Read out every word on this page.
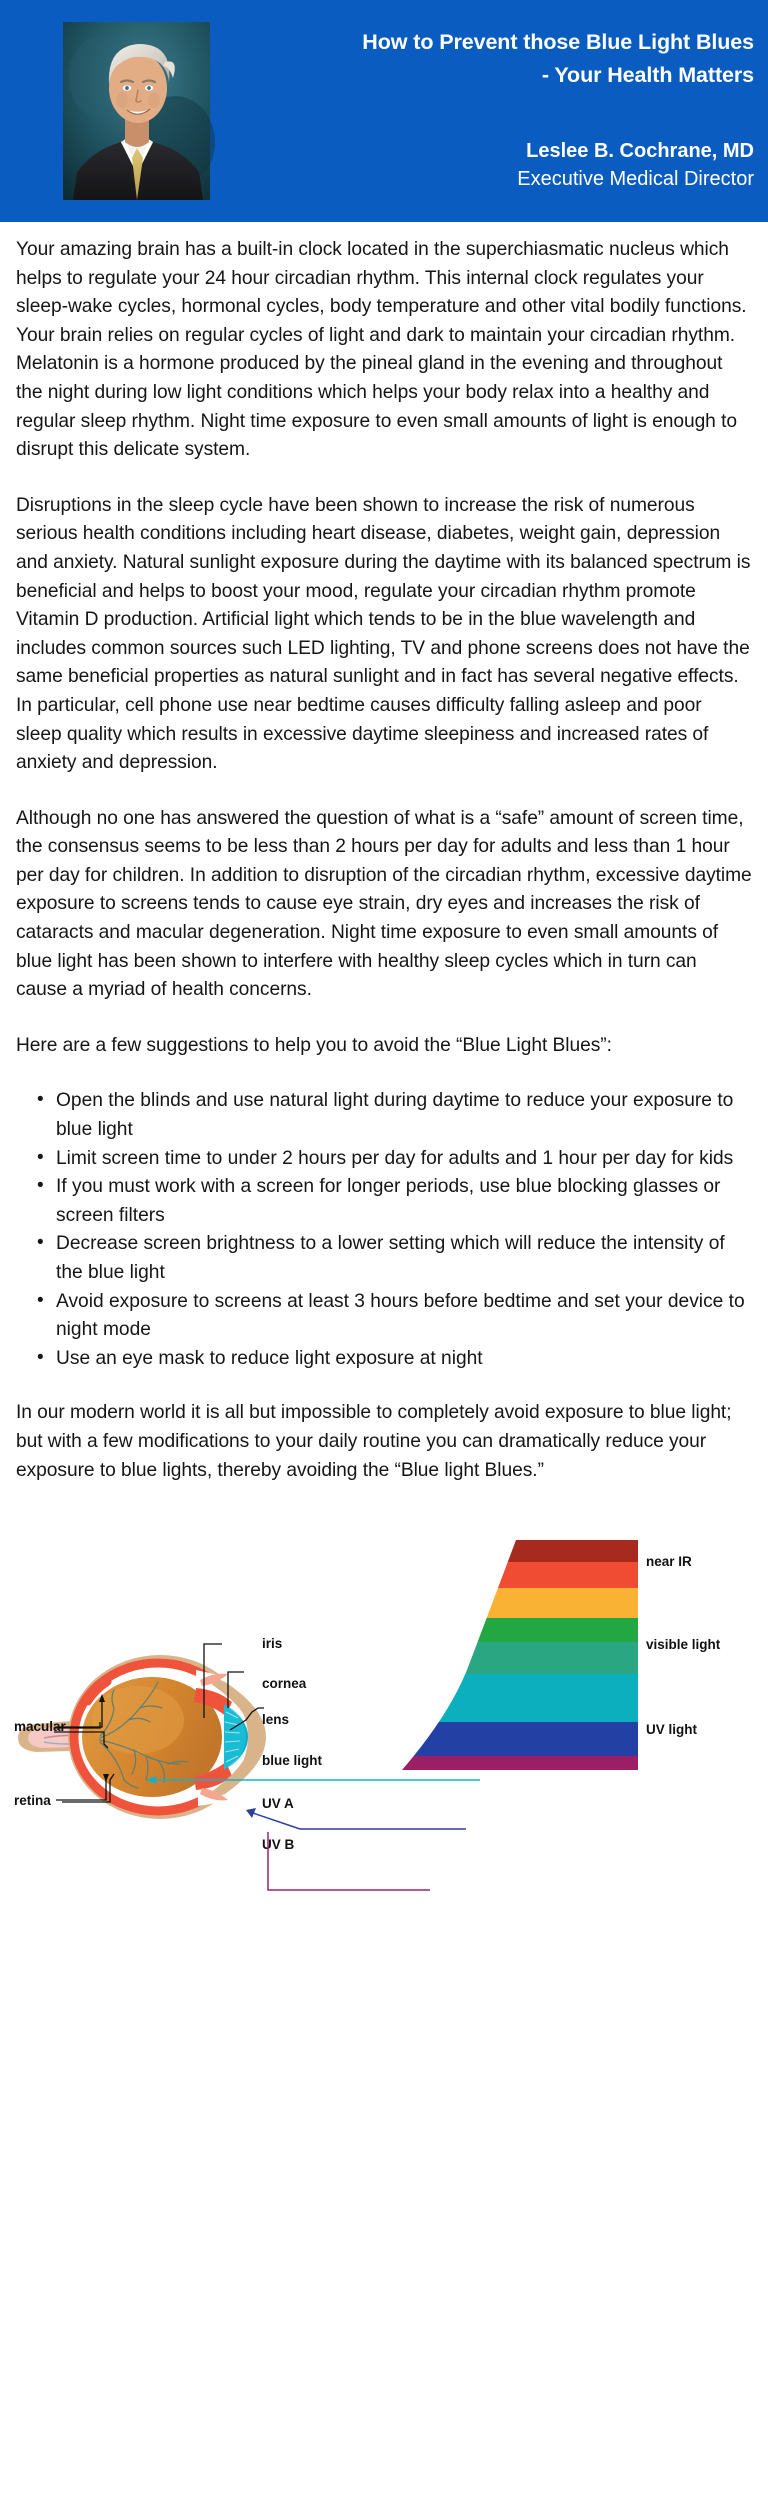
How to Prevent those Blue Light Blues
- Your Health Matters
Leslee B. Cochrane, MD
Executive Medical Director

Your amazing brain has a built-in clock located in the superchiasmatic nucleus which helps to regulate your 24 hour circadian rhythm. This internal clock regulates your sleep-wake cycles, hormonal cycles, body temperature and other vital bodily functions. Your brain relies on regular cycles of light and dark to maintain your circadian rhythm. Melatonin is a hormone produced by the pineal gland in the evening and throughout the night during low light conditions which helps your body relax into a healthy and regular sleep rhythm. Night time exposure to even small amounts of light is enough to disrupt this delicate system.

Disruptions in the sleep cycle have been shown to increase the risk of numerous serious health conditions including heart disease, diabetes, weight gain, depression and anxiety. Natural sunlight exposure during the daytime with its balanced spectrum is beneficial and helps to boost your mood, regulate your circadian rhythm promote Vitamin D production. Artificial light which tends to be in the blue wavelength and includes common sources such LED lighting, TV and phone screens does not have the same beneficial properties as natural sunlight and in fact has several negative effects. In particular, cell phone use near bedtime causes difficulty falling asleep and poor sleep quality which results in excessive daytime sleepiness and increased rates of anxiety and depression.

Although no one has answered the question of what is a “safe” amount of screen time, the consensus seems to be less than 2 hours per day for adults and less than 1 hour per day for children. In addition to disruption of the circadian rhythm, excessive daytime exposure to screens tends to cause eye strain, dry eyes and increases the risk of cataracts and macular degeneration. Night time exposure to even small amounts of blue light has been shown to interfere with healthy sleep cycles which in turn can cause a myriad of health concerns.

Here are a few suggestions to help you to avoid the “Blue Light Blues”:

• Open the blinds and use natural light during daytime to reduce your exposure to blue light
• Limit screen time to under 2 hours per day for adults and 1 hour per day for kids
• If you must work with a screen for longer periods, use blue blocking glasses or screen filters
• Decrease screen brightness to a lower setting which will reduce the intensity of the blue light
• Avoid exposure to screens at least 3 hours before bedtime and set your device to night mode
• Use an eye mask to reduce light exposure at night

In our modern world it is all but impossible to completely avoid exposure to blue light; but with a few modifications to your daily routine you can dramatically reduce your exposure to blue lights, thereby avoiding the “Blue light Blues.”

macular
retina
iris
cornea
lens
blue light
UV A
UV B
near IR
visible light
UV light
